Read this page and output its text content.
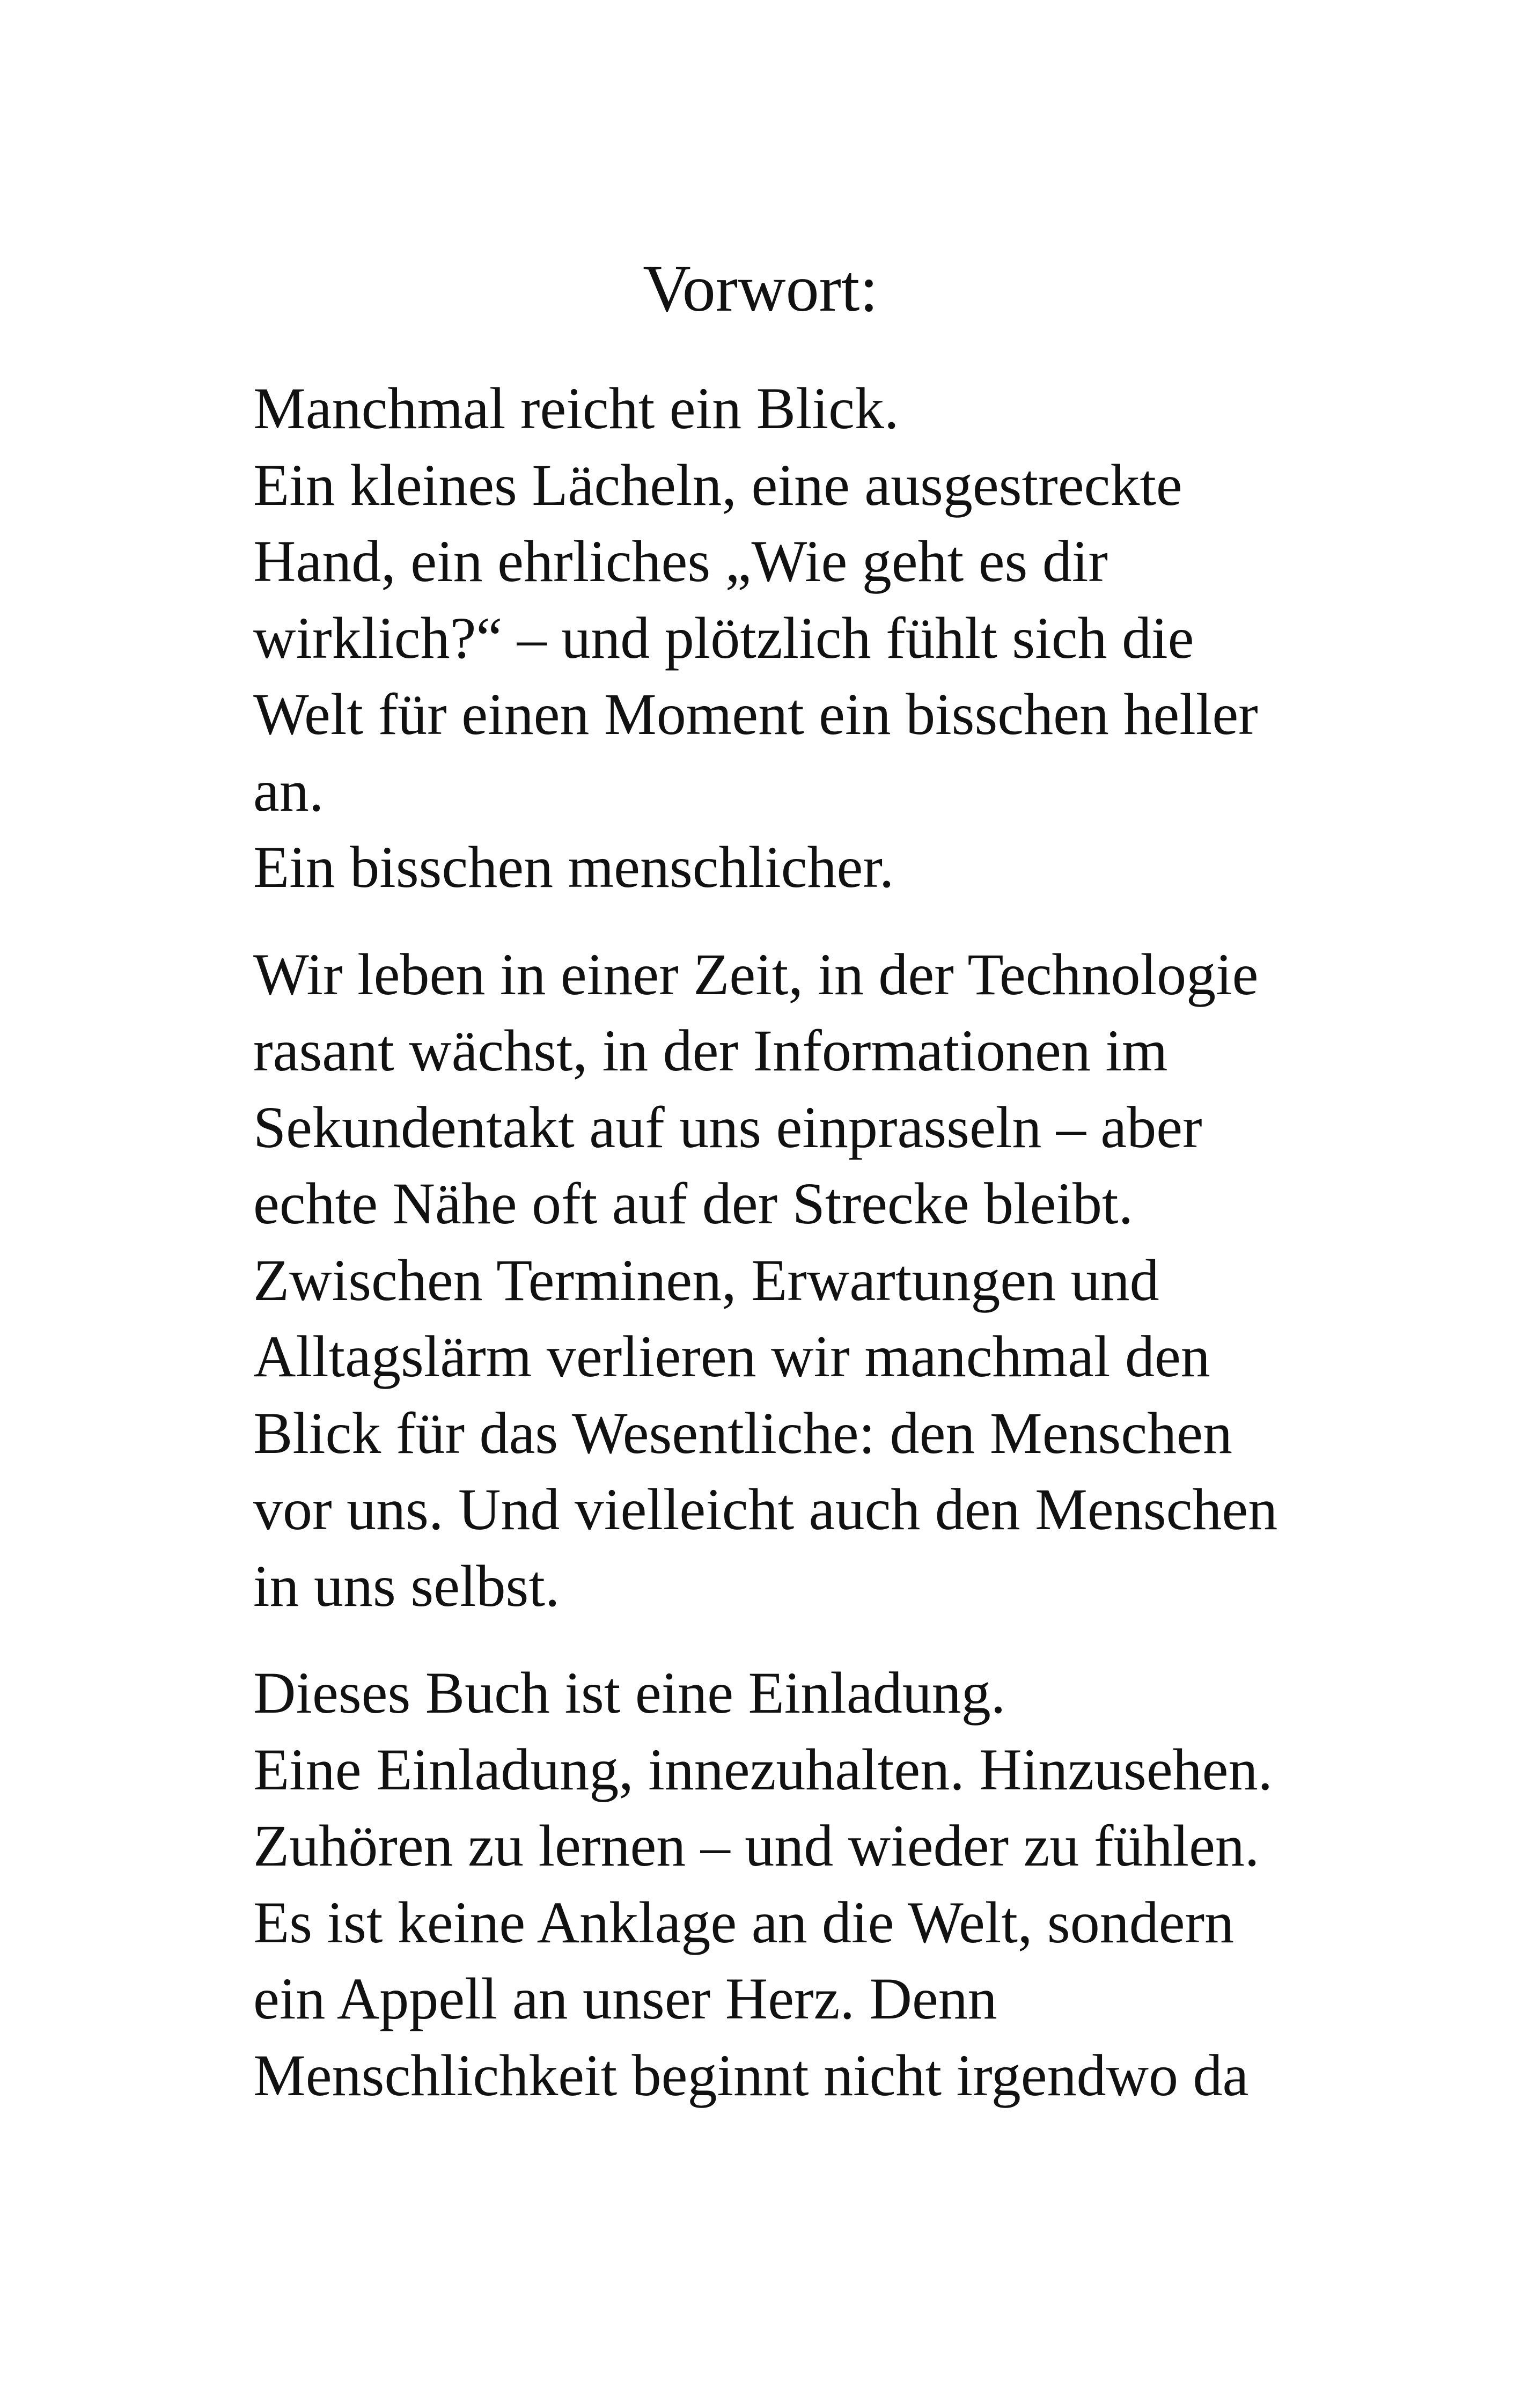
Vorwort:
Manchmal reicht ein Blick.
Ein kleines Lächeln, eine ausgestreckte
Hand, ein ehrliches „Wie geht es dir
wirklich?“ – und plötzlich fühlt sich die
Welt für einen Moment ein bisschen heller
an.
Ein bisschen menschlicher.
Wir leben in einer Zeit, in der Technologie
rasant wächst, in der Informationen im
Sekundentakt auf uns einprasseln – aber
echte Nähe oft auf der Strecke bleibt.
Zwischen Terminen, Erwartungen und
Alltagslärm verlieren wir manchmal den
Blick für das Wesentliche: den Menschen
vor uns. Und vielleicht auch den Menschen
in uns selbst.
Dieses Buch ist eine Einladung.
Eine Einladung, innezuhalten. Hinzusehen.
Zuhören zu lernen – und wieder zu fühlen.
Es ist keine Anklage an die Welt, sondern
ein Appell an unser Herz. Denn
Menschlichkeit beginnt nicht irgendwo da
